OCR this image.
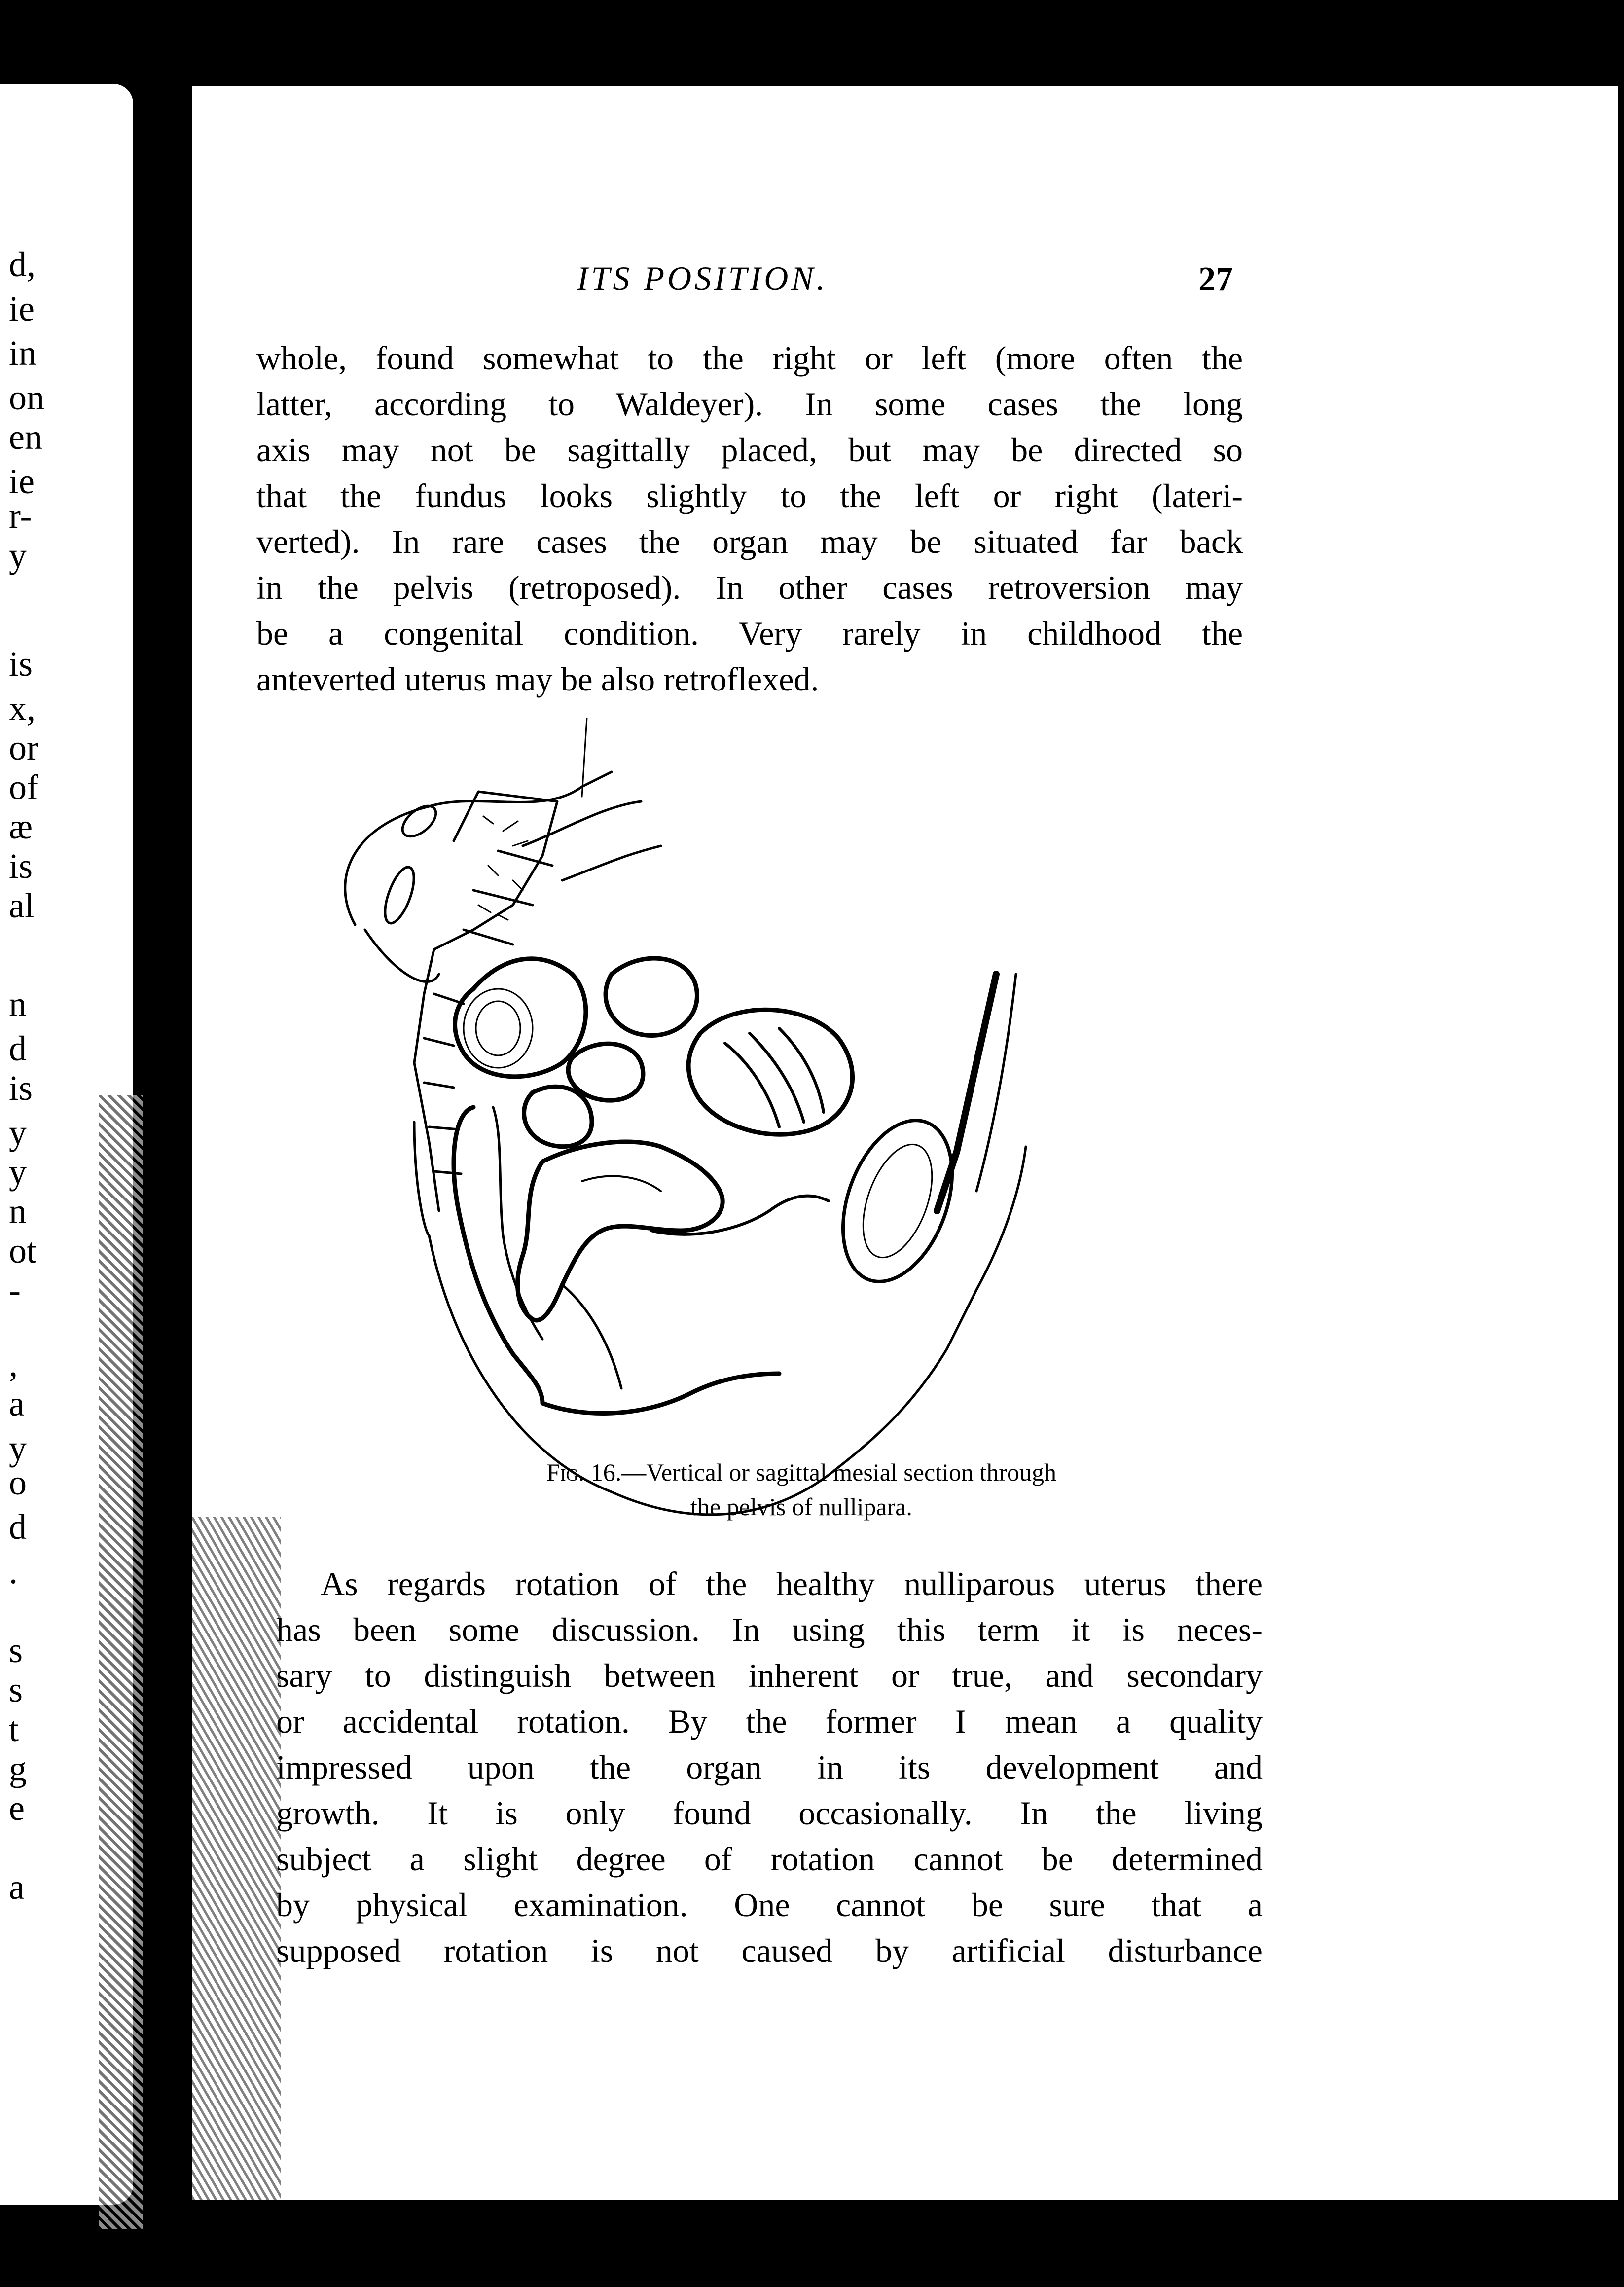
d,
ie
in
on
en
ie
r-
y
is
x,
or
of
æ
is
al
n
d
is
y
y
n
ot
-
,
a
y
o
d
.
s
s
t
g
e
a
ITS POSITION.	27
whole, found somewhat to the right or left (more often the
latter, according to Waldeyer). In some cases the long
axis may not be sagittally placed, but may be directed so
that the fundus looks slightly to the left or right (lateri-
verted). In rare cases the organ may be situated far back
in the pelvis (retroposed). In other cases retroversion may
be a congenital condition. Very rarely in childhood the
anteverted uterus may be also retroflexed.
Fig. 16.—Vertical or sagittal mesial section through
the pelvis of nullipara.
As regards rotation of the healthy nulliparous uterus there
has been some discussion. In using this term it is neces-
sary to distinguish between inherent or true, and secondary
or accidental rotation. By the former I mean a quality
impressed upon the organ in its development and
growth. It is only found occasionally. In the living
subject a slight degree of rotation cannot be determined
by physical examination. One cannot be sure that a
supposed rotation is not caused by artificial disturbance
